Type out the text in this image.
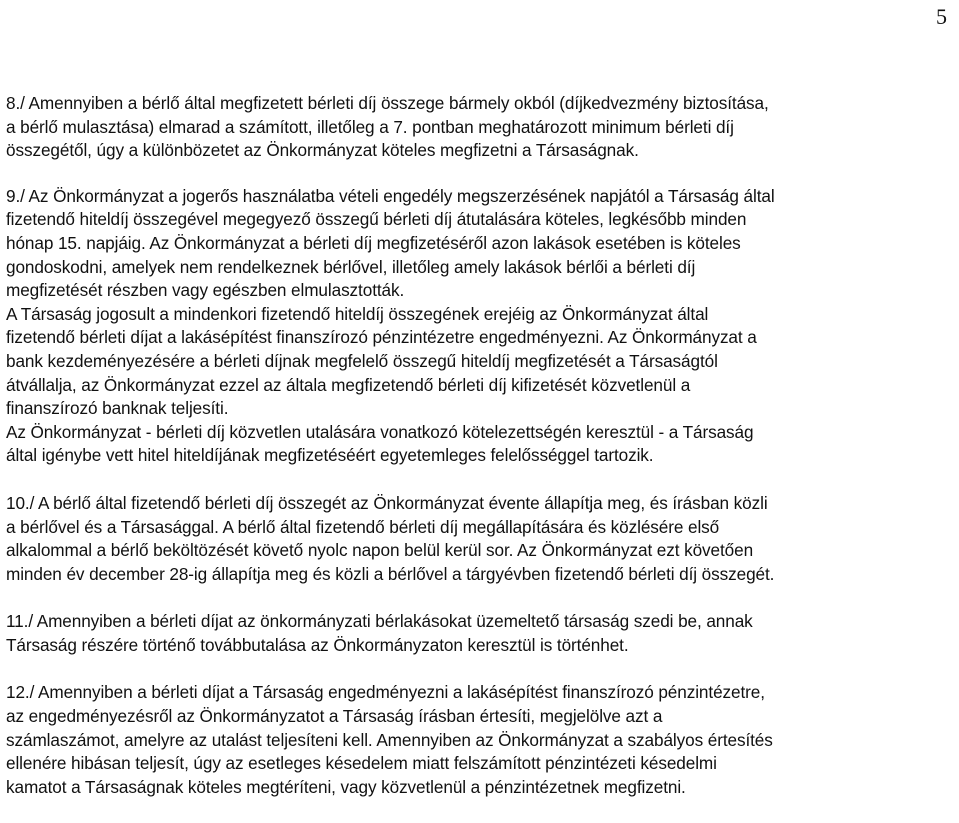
5

8./ Amennyiben a bérlő által megfizetett bérleti díj összege bármely okból (díjkedvezmény biztosítása,
a bérlő mulasztása) elmarad a számított, illetőleg a 7. pontban meghatározott minimum bérleti díj
összegétől, úgy a különbözetet az Önkormányzat köteles megfizetni a Társaságnak.

9./ Az Önkormányzat a jogerős használatba vételi engedély megszerzésének napjától a Társaság által
fizetendő hiteldíj összegével megegyező összegű bérleti díj átutalására köteles, legkésőbb minden
hónap 15. napjáig. Az Önkormányzat a bérleti díj megfizetéséről azon lakások esetében is köteles
gondoskodni, amelyek nem rendelkeznek bérlővel, illetőleg amely lakások bérlői a bérleti díj
megfizetését részben vagy egészben elmulasztották.

A Társaság jogosult a mindenkori fizetendő hiteldíj összegének erejéig az Önkormányzat által
fizetendő bérleti díjat a lakásépítést finanszírozó pénzintézetre engedményezni. Az Önkormányzat a
bank kezdeményezésére a bérleti díjnak megfelelő összegű hiteldíj megfizetését a Társaságtól
átvállalja, az Önkormányzat ezzel az általa megfizetendő bérleti díj kifizetését közvetlenül a
finanszírozó banknak teljesíti.

Az Önkormányzat - bérleti díj közvetlen utalására vonatkozó kötelezettségén keresztül - a Társaság
által igénybe vett hitel hiteldíjának megfizetéséért egyetemleges felelősséggel tartozik.

10./ A bérlő által fizetendő bérleti díj összegét az Önkormányzat évente állapítja meg, és írásban közli
a bérlővel és a Társasággal. A bérlő által fizetendő bérleti díj megállapítására és közlésére első
alkalommal a bérlő beköltözését követő nyolc napon belül kerül sor. Az Önkormányzat ezt követően
minden év december 28-ig állapítja meg és közli a bérlővel a tárgyévben fizetendő bérleti díj összegét.

11./ Amennyiben a bérleti díjat az önkormányzati bérlakásokat üzemeltető társaság szedi be, annak
Társaság részére történő továbbutalása az Önkormányzaton keresztül is történhet.

12./ Amennyiben a bérleti díjat a Társaság engedményezni a lakásépítést finanszírozó pénzintézetre,
az engedményezésről az Önkormányzatot a Társaság írásban értesíti, megjelölve azt a
számlaszámot, amelyre az utalást teljesíteni kell. Amennyiben az Önkormányzat a szabályos értesítés
ellenére hibásan teljesít, úgy az esetleges késedelem miatt felszámított pénzintézeti késedelmi
kamatot a Társaságnak köteles megtéríteni, vagy közvetlenül a pénzintézetnek megfizetni.
